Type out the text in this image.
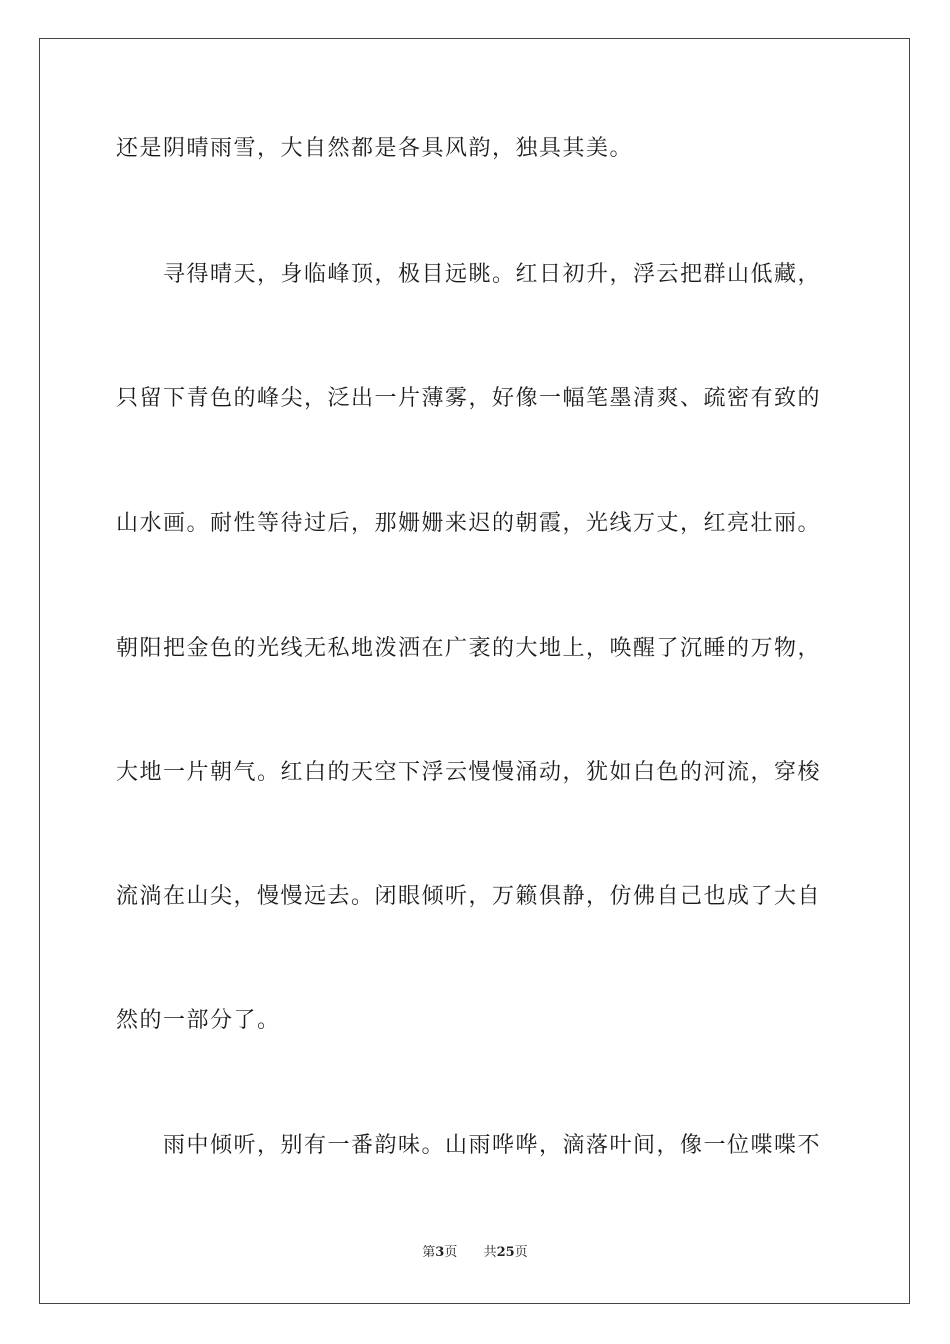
还是阴晴雨雪，大自然都是各具风韵，独具其美。
寻得晴天，身临峰顶，极目远眺。红日初升，浮云把群山低藏，
只留下青色的峰尖，泛出一片薄雾，好像一幅笔墨清爽、疏密有致的
山水画。耐性等待过后，那姗姗来迟的朝霞，光线万丈，红亮壮丽。
朝阳把金色的光线无私地泼洒在广袤的大地上，唤醒了沉睡的万物，
大地一片朝气。红白的天空下浮云慢慢涌动，犹如白色的河流，穿梭
流淌在山尖，慢慢远去。闭眼倾听，万籁俱静，仿佛自己也成了大自
然的一部分了。
雨中倾听，别有一番韵味。山雨哗哗，滴落叶间，像一位喋喋不
第3页 共25页
